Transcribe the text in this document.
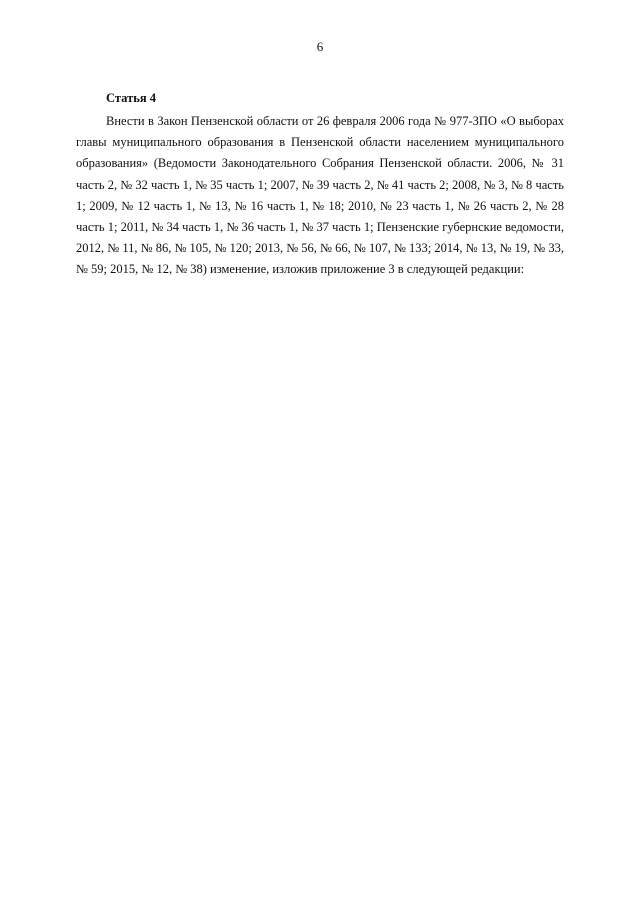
6
Статья 4

Внести в Закон Пензенской области от 26 февраля 2006 года № 977-ЗПО «О выборах главы муниципального образования в Пензенской области населением муниципального образования» (Ведомости Законодательного Собрания Пензенской области. 2006, № 31 часть 2, № 32 часть 1, № 35 часть 1; 2007, № 39 часть 2, № 41 часть 2; 2008, № 3, № 8 часть 1; 2009, № 12 часть 1, № 13, № 16 часть 1, № 18; 2010, № 23 часть 1, № 26 часть 2, № 28 часть 1; 2011, № 34 часть 1, № 36 часть 1, № 37 часть 1; Пензенские губернские ведомости, 2012, № 11, № 86, № 105, № 120; 2013, № 56, № 66, № 107, № 133; 2014, № 13, № 19, № 33, № 59; 2015, № 12, № 38) изменение, изложив приложение 3 в следующей редакции:
